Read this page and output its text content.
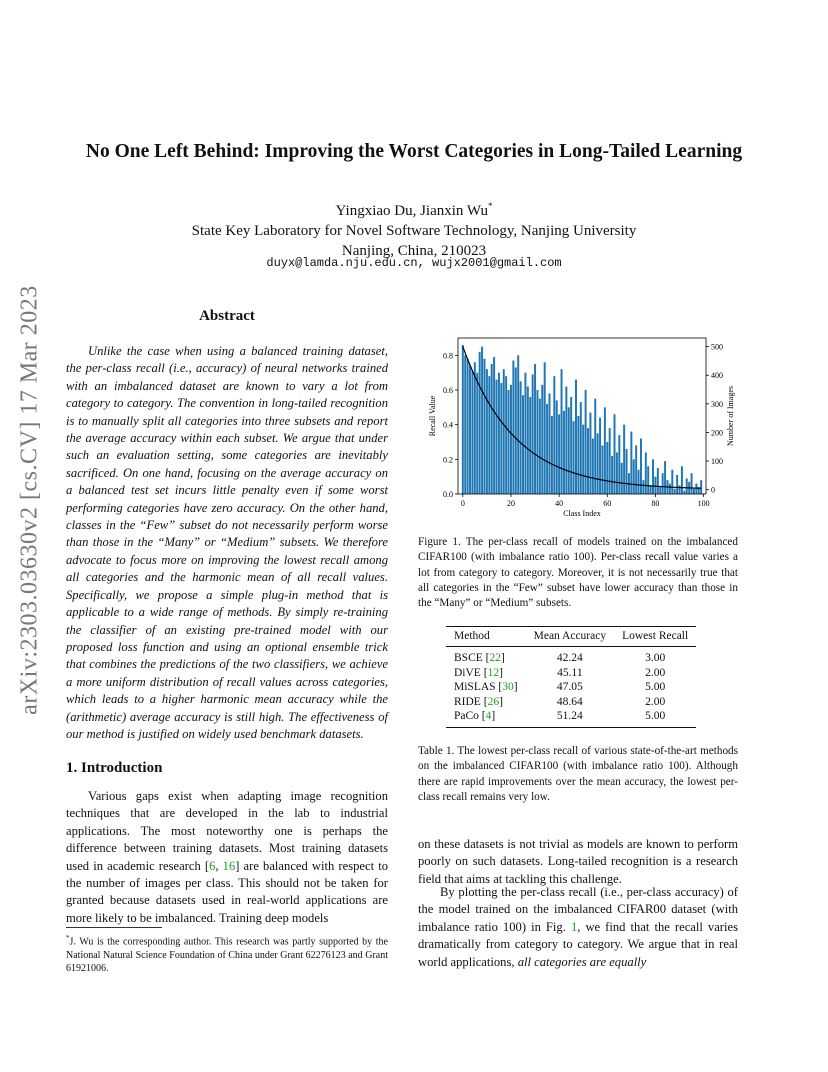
arXiv:2303.03630v2 [cs.CV] 17 Mar 2023
No One Left Behind: Improving the Worst Categories in Long-Tailed Learning
Yingxiao Du, Jianxin Wu*
State Key Laboratory for Novel Software Technology, Nanjing University
Nanjing, China, 210023
duyx@lamda.nju.edu.cn, wujx2001@gmail.com
Abstract

Unlike the case when using a balanced training dataset, the per-class recall (i.e., accuracy) of neural networks trained with an imbalanced dataset are known to vary a lot from category to category. The convention in long-tailed recognition is to manually split all categories into three subsets and report the average accuracy within each subset. We argue that under such an evaluation setting, some categories are inevitably sacrificed. On one hand, focusing on the average accuracy on a balanced test set incurs little penalty even if some worst performing categories have zero accuracy. On the other hand, classes in the “Few” subset do not necessarily perform worse than those in the “Many” or “Medium” subsets. We therefore advocate to focus more on improving the lowest recall among all categories and the harmonic mean of all recall values. Specifically, we propose a simple plug-in method that is applicable to a wide range of methods. By simply re-training the classifier of an existing pre-trained model with our proposed loss function and using an optional ensemble trick that combines the predictions of the two classifiers, we achieve a more uniform distribution of recall values across categories, which leads to a higher harmonic mean accuracy while the (arithmetic) average accuracy is still high. The effectiveness of our method is justified on widely used benchmark datasets.

1. Introduction

Various gaps exist when adapting image recognition techniques that are developed in the lab to industrial applications. The most noteworthy one is perhaps the difference between training datasets. Most training datasets used in academic research [6, 16] are balanced with respect to the number of images per class. This should not be taken for granted because datasets used in real-world applications are more likely to be imbalanced. Training deep models

*J. Wu is the corresponding author. This research was partly supported by the National Natural Science Foundation of China under Grant 62276123 and Grant 61921006.

0	20	40	60	80	100
0.0
0.2
0.4
0.6
0.8
0
100
200
300
400
500
Class Index
Recall Value	Number of Images

Figure 1. The per-class recall of models trained on the imbalanced CIFAR100 (with imbalance ratio 100). Per-class recall value varies a lot from category to category. Moreover, it is not necessarily true that all categories in the “Few” subset have lower accuracy than those in the “Many” or “Medium” subsets.

Method	Mean Accuracy	Lowest Recall
BSCE [22]	42.24	3.00
DiVE [12]	45.11	2.00
MiSLAS [30]	47.05	5.00
RIDE [26]	48.64	2.00
PaCo [4]	51.24	5.00

Table 1. The lowest per-class recall of various state-of-the-art methods on the imbalanced CIFAR100 (with imbalance ratio 100). Although there are rapid improvements over the mean accuracy, the lowest per-class recall remains very low.

on these datasets is not trivial as models are known to perform poorly on such datasets. Long-tailed recognition is a research field that aims at tackling this challenge.

By plotting the per-class recall (i.e., per-class accuracy) of the model trained on the imbalanced CIFAR00 dataset (with imbalance ratio 100) in Fig. 1, we find that the recall varies dramatically from category to category. We argue that in real world applications, all categories are equally
